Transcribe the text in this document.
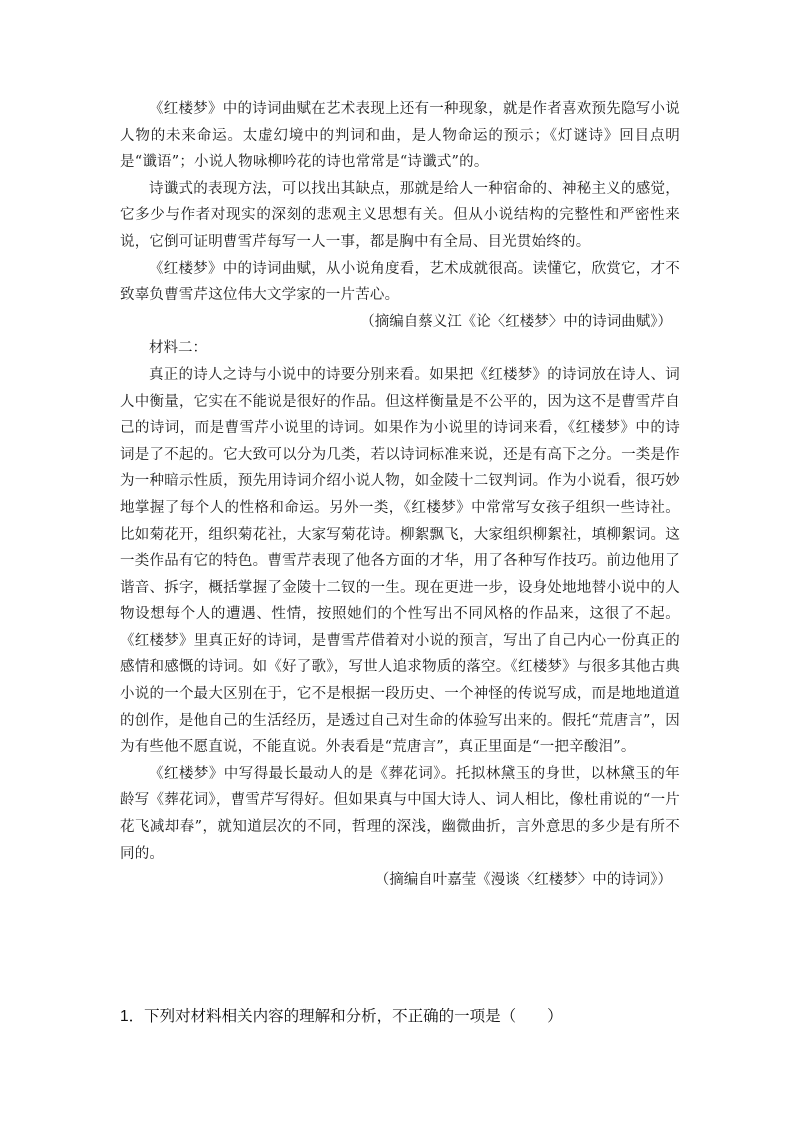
《红楼梦》中的诗词曲赋在艺术表现上还有一种现象，就是作者喜欢预先隐写小说人物的未来命运。太虚幻境中的判词和曲，是人物命运的预示；《灯谜诗》回目点明是“谶语”；小说人物咏柳吟花的诗也常常是“诗谶式”的。

诗谶式的表现方法，可以找出其缺点，那就是给人一种宿命的、神秘主义的感觉，它多少与作者对现实的深刻的悲观主义思想有关。但从小说结构的完整性和严密性来说，它倒可证明曹雪芹每写一人一事，都是胸中有全局、目光贯始终的。

《红楼梦》中的诗词曲赋，从小说角度看，艺术成就很高。读懂它，欣赏它，才不致辜负曹雪芹这位伟大文学家的一片苦心。

（摘编自蔡义江《论〈红楼梦〉中的诗词曲赋》）

材料二：

真正的诗人之诗与小说中的诗要分别来看。如果把《红楼梦》的诗词放在诗人、词人中衡量，它实在不能说是很好的作品。但这样衡量是不公平的，因为这不是曹雪芹自己的诗词，而是曹雪芹小说里的诗词。如果作为小说里的诗词来看，《红楼梦》中的诗词是了不起的。它大致可以分为几类，若以诗词标准来说，还是有高下之分。一类是作为一种暗示性质，预先用诗词介绍小说人物，如金陵十二钗判词。作为小说看，很巧妙地掌握了每个人的性格和命运。另外一类，《红楼梦》中常常写女孩子组织一些诗社。比如菊花开，组织菊花社，大家写菊花诗。柳絮飘飞，大家组织柳絮社，填柳絮词。这一类作品有它的特色。曹雪芹表现了他各方面的才华，用了各种写作技巧。前边他用了谐音、拆字，概括掌握了金陵十二钗的一生。现在更进一步，设身处地地替小说中的人物设想每个人的遭遇、性情，按照她们的个性写出不同风格的作品来，这很了不起。《红楼梦》里真正好的诗词，是曹雪芹借着对小说的预言，写出了自己内心一份真正的感情和感慨的诗词。如《好了歌》，写世人追求物质的落空。《红楼梦》与很多其他古典小说的一个最大区别在于，它不是根据一段历史、一个神怪的传说写成，而是地地道道的创作，是他自己的生活经历，是透过自己对生命的体验写出来的。假托“荒唐言”，因为有些他不愿直说，不能直说。外表看是“荒唐言”，真正里面是“一把辛酸泪”。

《红楼梦》中写得最长最动人的是《葬花词》。托拟林黛玉的身世，以林黛玉的年龄写《葬花词》，曹雪芹写得好。但如果真与中国大诗人、词人相比，像杜甫说的“一片花飞减却春”，就知道层次的不同，哲理的深浅，幽微曲折，言外意思的多少是有所不同的。

（摘编自叶嘉莹《漫谈〈红楼梦〉中的诗词》）

1．下列对材料相关内容的理解和分析，不正确的一项是（　　）
